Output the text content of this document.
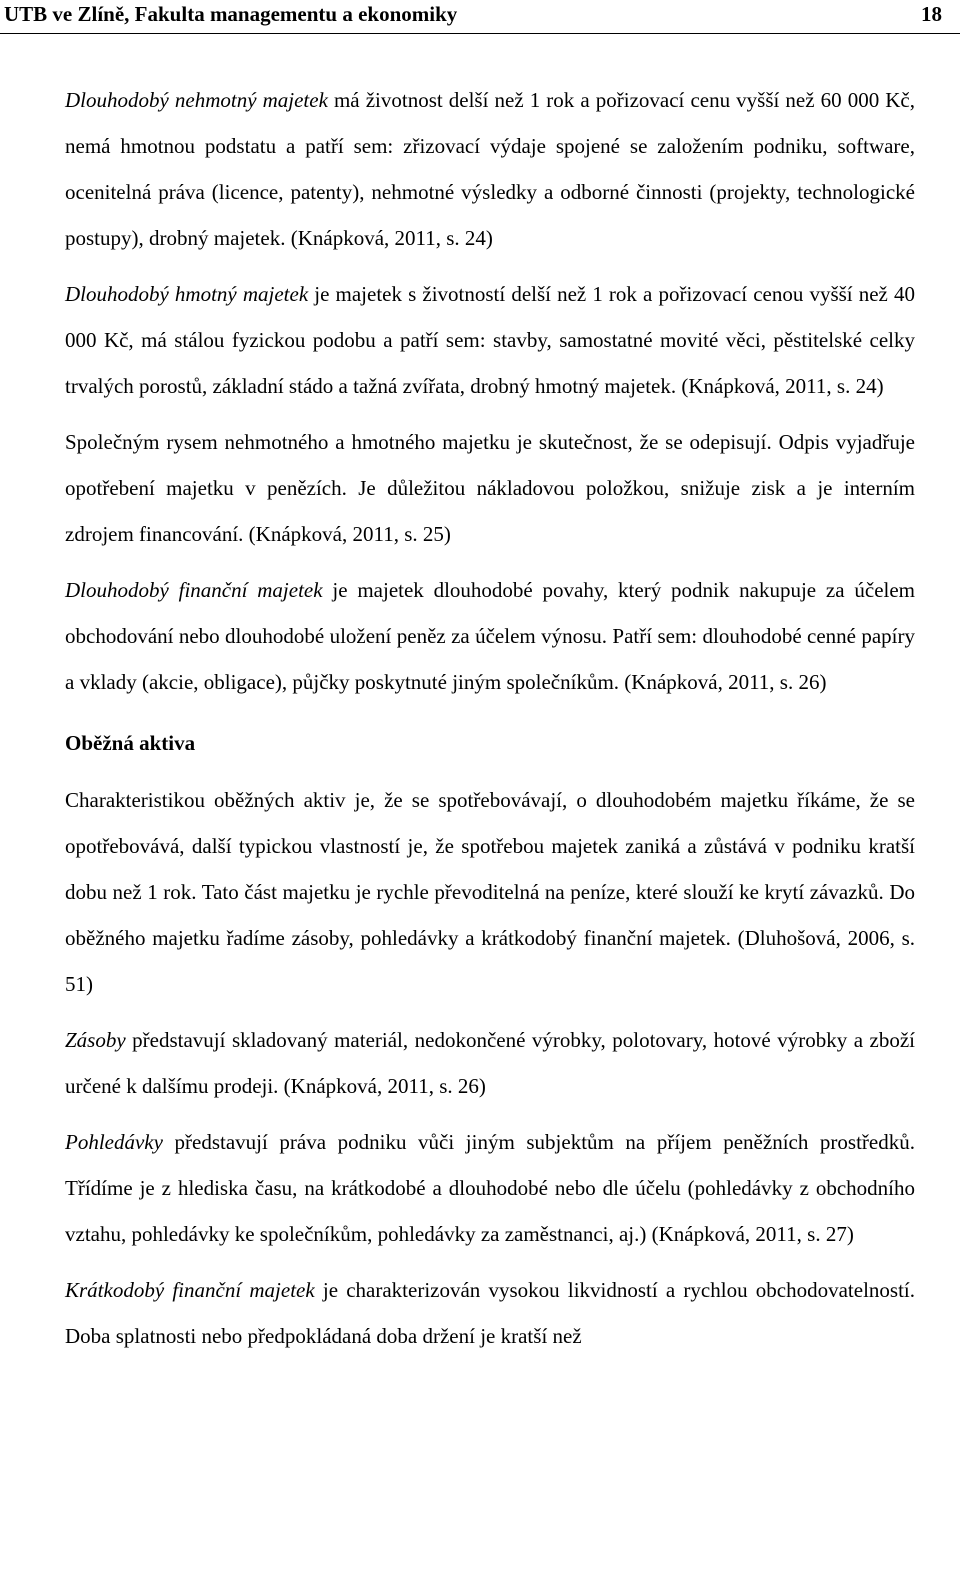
UTB ve Zlíně, Fakulta managementu a ekonomiky	18

Dlouhodobý nehmotný majetek má životnost delší než 1 rok a pořizovací cenu vyšší než 60 000 Kč, nemá hmotnou podstatu a patří sem: zřizovací výdaje spojené se založením podniku, software, ocenitelná práva (licence, patenty), nehmotné výsledky a odborné činnosti (projekty, technologické postupy), drobný majetek. (Knápková, 2011, s. 24)

Dlouhodobý hmotný majetek je majetek s životností delší než 1 rok a pořizovací cenou vyšší než 40 000 Kč, má stálou fyzickou podobu a patří sem: stavby, samostatné movité věci, pěstitelské celky trvalých porostů, základní stádo a tažná zvířata, drobný hmotný majetek. (Knápková, 2011, s. 24)

Společným rysem nehmotného a hmotného majetku je skutečnost, že se odepisují. Odpis vyjadřuje opotřebení majetku v penězích. Je důležitou nákladovou položkou, snižuje zisk a je interním zdrojem financování. (Knápková, 2011, s. 25)

Dlouhodobý finanční majetek je majetek dlouhodobé povahy, který podnik nakupuje za účelem obchodování nebo dlouhodobé uložení peněz za účelem výnosu. Patří sem: dlouhodobé cenné papíry a vklady (akcie, obligace), půjčky poskytnuté jiným společníkům. (Knápková, 2011, s. 26)

Oběžná aktiva

Charakteristikou oběžných aktiv je, že se spotřebovávají, o dlouhodobém majetku říkáme, že se opotřebovává, další typickou vlastností je, že spotřebou majetek zaniká a zůstává v podniku kratší dobu než 1 rok. Tato část majetku je rychle převoditelná na peníze, které slouží ke krytí závazků. Do oběžného majetku řadíme zásoby, pohledávky a krátkodobý finanční majetek. (Dluhošová, 2006, s. 51)

Zásoby představují skladovaný materiál, nedokončené výrobky, polotovary, hotové výrobky a zboží určené k dalšímu prodeji. (Knápková, 2011, s. 26)

Pohledávky představují práva podniku vůči jiným subjektům na příjem peněžních prostředků. Třídíme je z hlediska času, na krátkodobé a dlouhodobé nebo dle účelu (pohledávky z obchodního vztahu, pohledávky ke společníkům, pohledávky za zaměstnanci, aj.) (Knápková, 2011, s. 27)

Krátkodobý finanční majetek je charakterizován vysokou likvidností a rychlou obchodovatelností. Doba splatnosti nebo předpokládaná doba držení je kratší než
